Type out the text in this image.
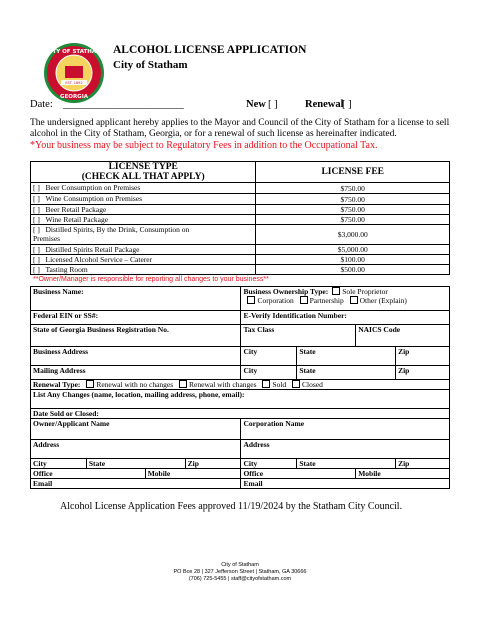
CITY OF STATHAM
EST. 1892
GEORGIA
ALCOHOL LICENSE APPLICATION
City of Statham
Date: _______________________	New [ ]	Renewal
[ ]
The undersigned applicant hereby applies to the Mayor and Council of the City of Statham for a license to sell alcohol in the City of Statham, Georgia, or for a renewal of such license as hereinafter indicated.
*Your business may be subject to Regulatory Fees in addition to the Occupational Tax.
LICENSE TYPE
(CHECK ALL THAT APPLY)	LICENSE FEE
[ ] Beer Consumption on Premises	$750.00
[ ] Wine Consumption on Premises	$750.00
[ ] Beer Retail Package	$750.00
[ ] Wine Retail Package	$750.00
[ ] Distilled Spirits, By the Drink, Consumption on
Premises	$3,000.00
[ ] Distilled Spirits Retail Package	$5,000.00
[ ] Licensed Alcohol Service – Caterer	$100.00
[ ] Tasting Room	$500.00
**Owner/Manager is responsible for reporting all changes to your business**
Business Name:				Business Ownership Type: Sole Proprietor
Corporation Partnership Other (Explain)			
Federal EIN or SS#:				E-Verify Identification Number:			
State of Georgia Business Registration No.				Tax Class		NAICS Code	
Business Address				City	State		Zip
Mailing Address				City	State		Zip
Renewal Type: Renewal with no changes Renewal with changes Sold Closed							
List Any Changes (name, location, mailing address, phone, email):							
Date Sold or Closed:							
Owner/Applicant Name				Corporation Name			
Address				Address			
City	State		Zip	City	State		Zip
Office		Mobile		Office		Mobile	
Email				Email			
Alcohol License Application Fees approved 11/19/2024 by the Statham City Council.
City of Statham
PO Box 28 | 327 Jefferson Street | Statham, GA 30666
(706) 725-5455 | staff@cityofstatham.com
